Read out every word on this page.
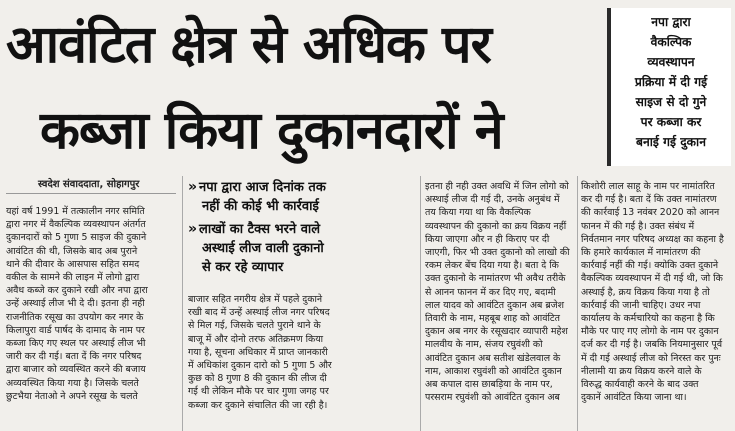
आवंटित क्षेत्र से अधिक पर
कब्जा किया दुकानदारों ने
नपा द्वारा
वैकल्पिक
व्यवस्थापन
प्रक्रिया में दी गई
साइज से दो गुने
पर कब्जा कर
बनाई गई दुकान
स्वदेश संवाददाता, सोहागपुर	» नपा द्वारा आज दिनांक तक
नहीं की कोई भी कार्रवाई
» लाखों का टैक्स भरने वाले
अस्थाई लीज वाली दुकानो
से कर रहे व्यापार
यहां वर्ष 1991 में तत्कालीन नगर समिति
द्वारा नगर में वैकल्पिक व्यवस्थापन अंतर्गत
दुकानदारों को 5 गुणा 5 साइज की दुकाने
आवंटित की थी, जिसके बाद अब पुराने
थाने की दीवार के आसपास सहित समद
वकील के सामने की लाइन में लोगो द्वारा
अवैध कब्जे कर दुकाने रखी और नपा द्वारा
उन्हें अस्थाई लीज भी दे दी। इतना ही नही
राजनीतिक रसूख का उपयोग कर नगर के
किलापुरा वार्ड पार्षद के दामाद के नाम पर
कब्जा किए गए स्थल पर अस्थाई लीज भी
जारी कर दी गई। बता दें कि नगर परिषद
द्वारा बाजार को व्यवस्थित करने की बजाय
अव्यवस्थित किया गया है। जिसके चलते
छुटभैया नेताओ ने अपने रसूख के चलते
बाजार सहित नगरीय क्षेत्र में पहले दुकाने
रखी बाद में उन्हें अस्थाई लीज नगर परिषद
से मिल गई, जिसके चलते पुराने थाने के
बाजू में और दोनो तरफ अतिक्रमण किया
गया है, सूचना अधिकार में प्राप्त जानकारी
में अधिकांश दुकान दारो को 5 गुणा 5 और
कुछ को 8 गुणा 8 की दुकान की लीज दी
गई थी लेकिन मौके पर चार गुणा जगह पर
कब्जा कर दुकाने संचालित की जा रही है।
इतना ही नही उक्त अवधि में जिन लोगो को
अस्थाई लीज दी गई दी, उनके अनुबंध में
तय किया गया था कि वैकल्पिक
व्यवस्थापन की दुकानो का क्रय विक्रय नहीं
किया जाएगा और न ही किराए पर दी
जाएगी, फिर भी उक्त दुकानो को लाखो की
रकम लेकर बेंच दिया गया है। बता दे कि
उक्त दुकानो के नामांतरण भी अवैध तरीके
से आनन फानन में कर दिए गए, बदामी
लाल यादव को आवंटित दुकान अब ब्रजेश
तिवारी के नाम, महबूब शाह को आवंटित
दुकान अब नगर के रसूखदार व्यापारी महेश
मालवीय के नाम, संजय रघुवंशी को
आवंटित दुकान अब सतीश खंडेलवाल के
नाम, आकाश रघुवंशी को आवंटित दुकान
अब कपाल दास छाबड़िया के नाम पर,
परसराम रघुवंशी को आवंटित दुकान अब
किशोरी लाल साहू के नाम पर नामांतरित
कर दी गई है। बता दें कि उक्त नामांतरण
की कार्रवाई 13 नवंबर 2020 को आनन
फानन में की गई है। उक्त संबंध में
निर्वतमान नगर परिषद अध्यक्ष का कहना है
कि हमारे कार्यकाल में नामांतरण की
कार्रवाई नहीं की गई। क्योकि उक्त दुकाने
वैकल्पिक व्यवस्थापन में दी गई थी, जो कि
अस्थाई है, क्रय विक्रय किया गया है तो
कार्रवाई की जानी चाहिए। उधर नपा
कार्यालय के कर्मचारियो का कहना है कि
मौके पर पाए गए लोगो के नाम पर दुकान
दर्ज कर दी गई है। जबकि नियमानुसार पूर्व
में दी गई अस्थाई लीज को निरस्त कर पुनः
नीलामी या क्रय विक्रय करने वाले के
विरुद्ध कार्यवाही करने के बाद उक्त
दुकानें आवंटित किया जाना था।
